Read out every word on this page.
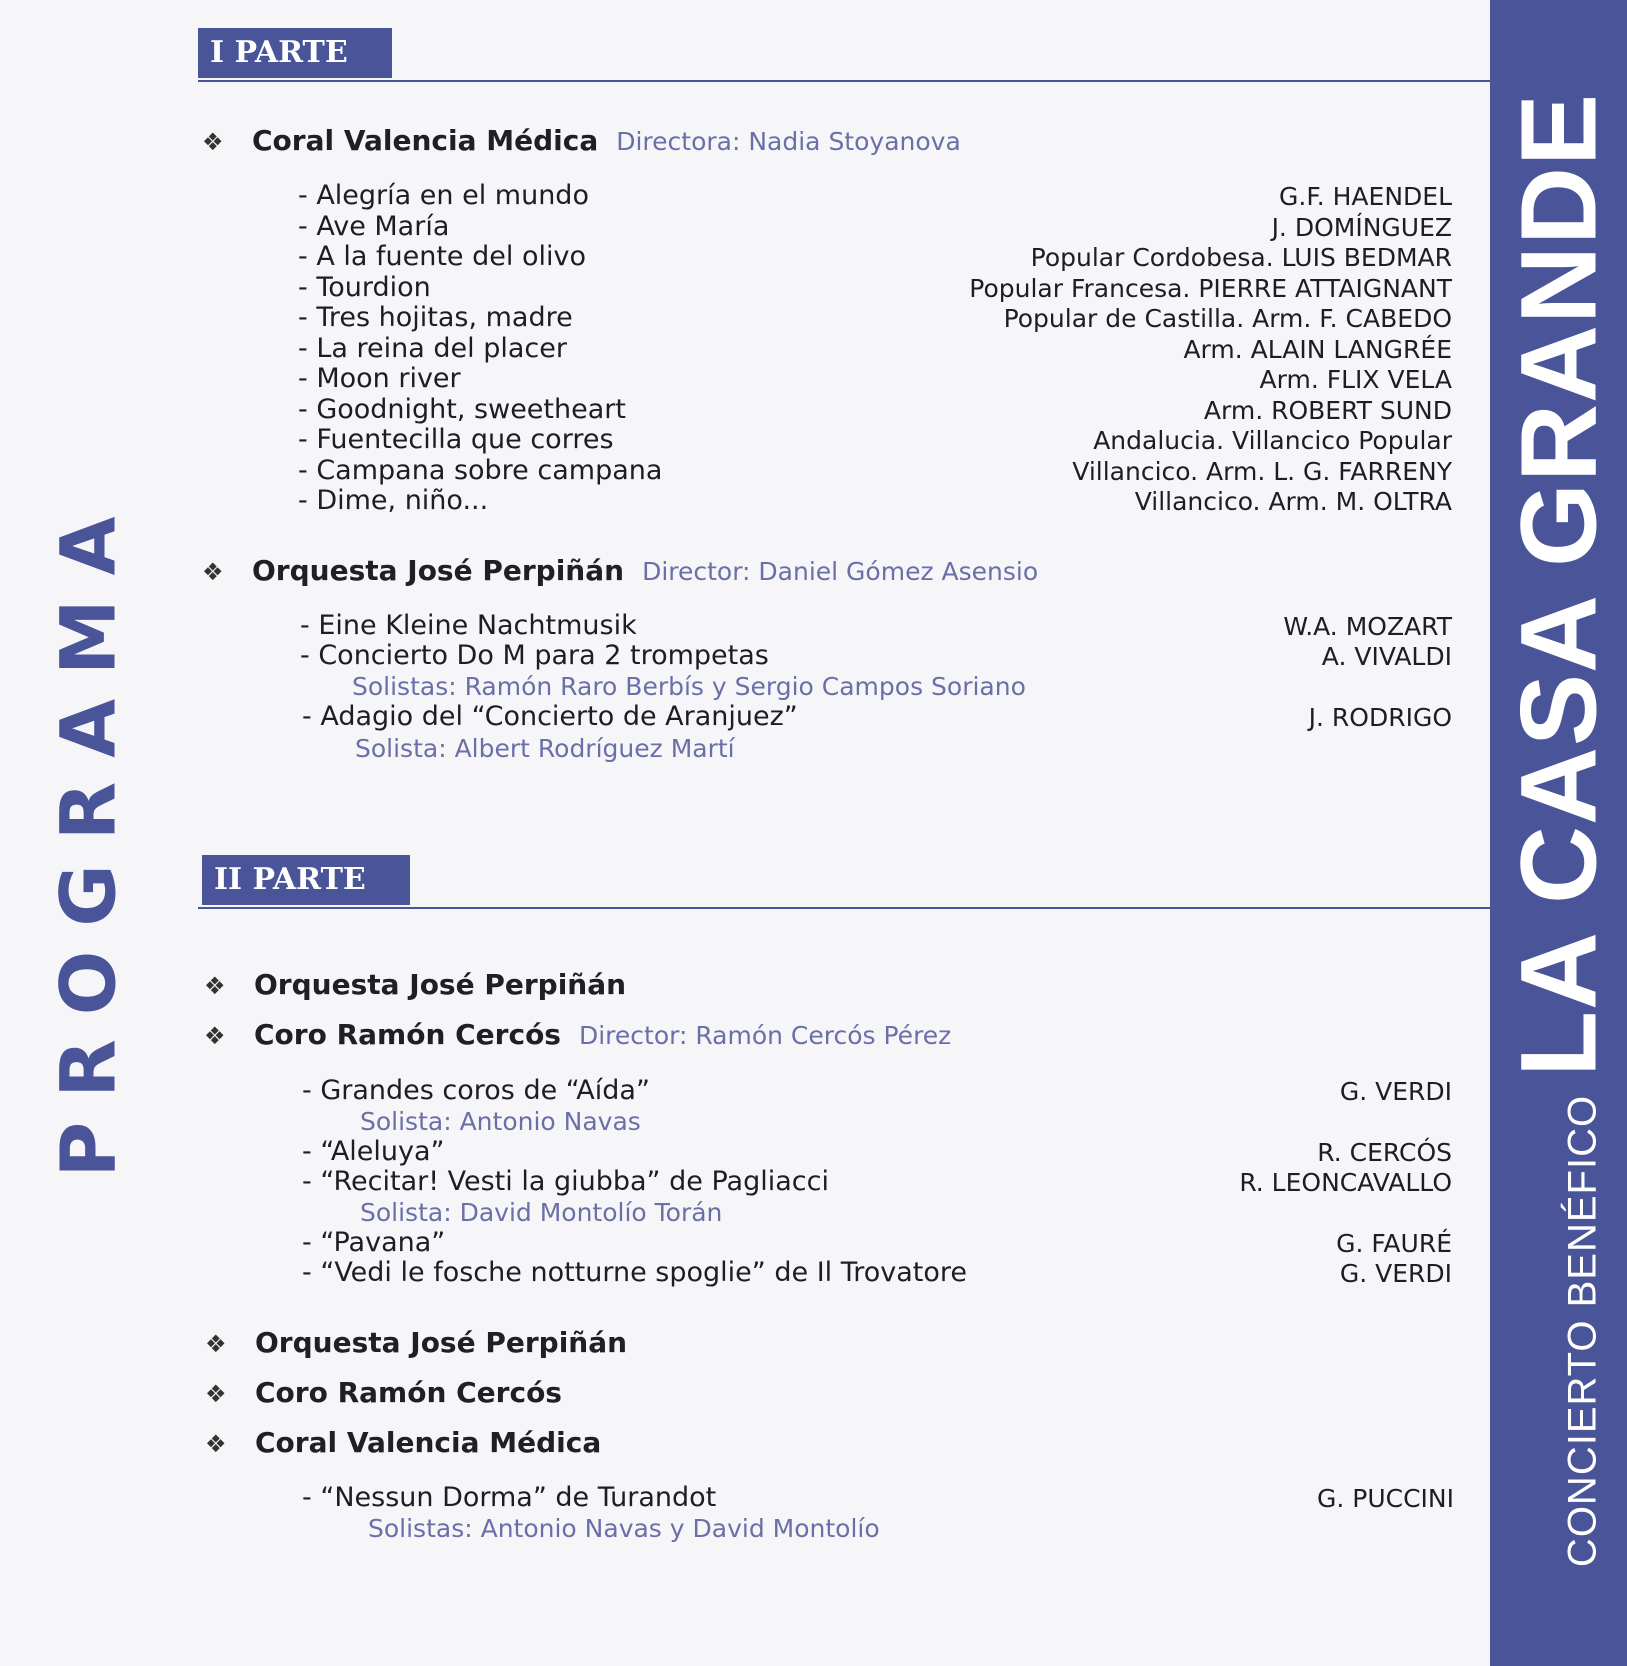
CONCIERTO BENÉFICOLA CASA GRANDE
PROGRAMA
I PARTE
❖ Coral Valencia Médica Directora: Nadia Stoyanova
- Alegría en el mundo	G.F. HAENDEL
- Ave María	J. DOMÍNGUEZ
- A la fuente del olivo	Popular Cordobesa. LUIS BEDMAR
- Tourdion	Popular Francesa. PIERRE ATTAIGNANT
- Tres hojitas, madre	Popular de Castilla. Arm. F. CABEDO
- La reina del placer	Arm. ALAIN LANGRÉE
- Moon river	Arm. FLIX VELA
- Goodnight, sweetheart	Arm. ROBERT SUND
- Fuentecilla que corres	Andalucia. Villancico Popular
- Campana sobre campana	Villancico. Arm. L. G. FARRENY
- Dime, niño...	Villancico. Arm. M. OLTRA
❖ Orquesta José Perpiñán Director: Daniel Gómez Asensio
- Eine Kleine Nachtmusik	W.A. MOZART
- Concierto Do M para 2 trompetas	A. VIVALDI
Solistas: Ramón Raro Berbís y Sergio Campos Soriano
- Adagio del “Concierto de Aranjuez”	J. RODRIGO
Solista: Albert Rodríguez Martí
II PARTE
❖ Orquesta José Perpiñán
❖ Coro Ramón Cercós Director: Ramón Cercós Pérez
- Grandes coros de “Aída”	G. VERDI
Solista: Antonio Navas
- “Aleluya”	R. CERCÓS
- “Recitar! Vesti la giubba” de Pagliacci	R. LEONCAVALLO
Solista: David Montolío Torán
- “Pavana”	G. FAURÉ
- “Vedi le fosche notturne spoglie” de Il Trovatore	G. VERDI
❖ Orquesta José Perpiñán
❖ Coro Ramón Cercós
❖ Coral Valencia Médica
- “Nessun Dorma” de Turandot	G. PUCCINI
Solistas: Antonio Navas y David Montolío
